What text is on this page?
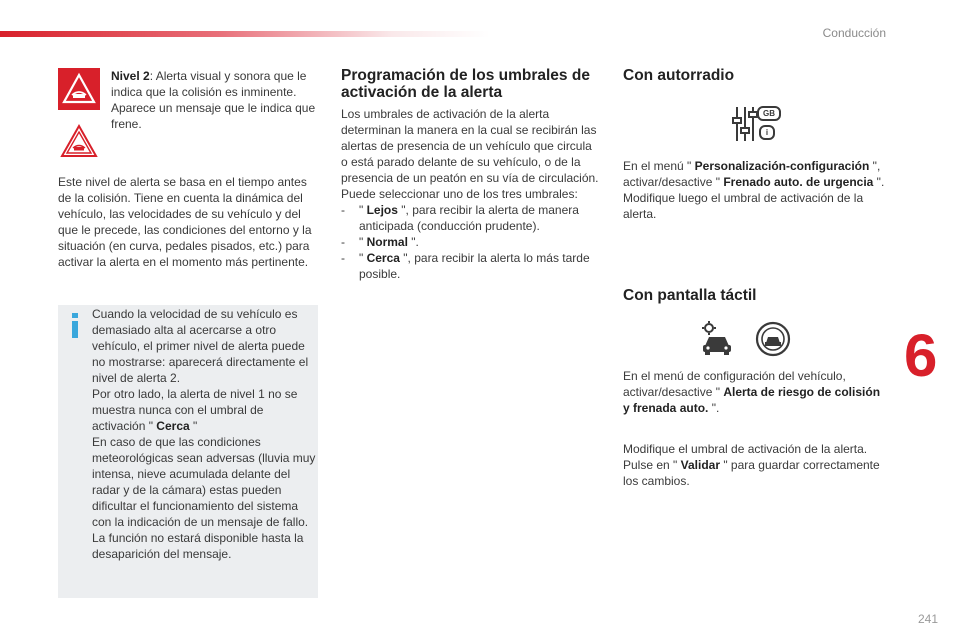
Conducción
241
6

Nivel 2: Alerta visual y sonora que le indica que la colisión es inminente. Aparece un mensaje que le indica que frene.

Este nivel de alerta se basa en el tiempo antes de la colisión. Tiene en cuenta la dinámica del vehículo, las velocidades de su vehículo y del que le precede, las condiciones del entorno y la situación (en curva, pedales pisados, etc.) para activar la alerta en el momento más pertinente.

Cuando la velocidad de su vehículo es demasiado alta al acercarse a otro vehículo, el primer nivel de alerta puede no mostrarse: aparecerá directamente el nivel de alerta 2.

Por otro lado, la alerta de nivel 1 no se muestra nunca con el umbral de activación " Cerca "

En caso de que las condiciones meteorológicas sean adversas (lluvia muy intensa, nieve acumulada delante del radar y de la cámara) estas pueden dificultar el funcionamiento del sistema con la indicación de un mensaje de fallo. La función no estará disponible hasta la desaparición del mensaje.

Programación de los umbrales de activación de la alerta

Los umbrales de activación de la alerta determinan la manera en la cual se recibirán las alertas de presencia de un vehículo que circula o está parado delante de su vehículo, o de la presencia de un peatón en su vía de circulación.

Puede seleccionar uno de los tres umbrales:

- " Lejos ", para recibir la alerta de manera anticipada (conducción prudente).
- " Normal ".
- " Cerca ", para recibir la alerta lo más tarde posible.

Con autorradio

GB
i

En el menú " Personalización-configuración ", activar/desactive " Frenado auto. de urgencia ".

Modifique luego el umbral de activación de la alerta.

Con pantalla táctil

En el menú de configuración del vehículo, activar/desactive " Alerta de riesgo de colisión y frenada auto. ".

Modifique el umbral de activación de la alerta.

Pulse en " Validar " para guardar correctamente los cambios.
